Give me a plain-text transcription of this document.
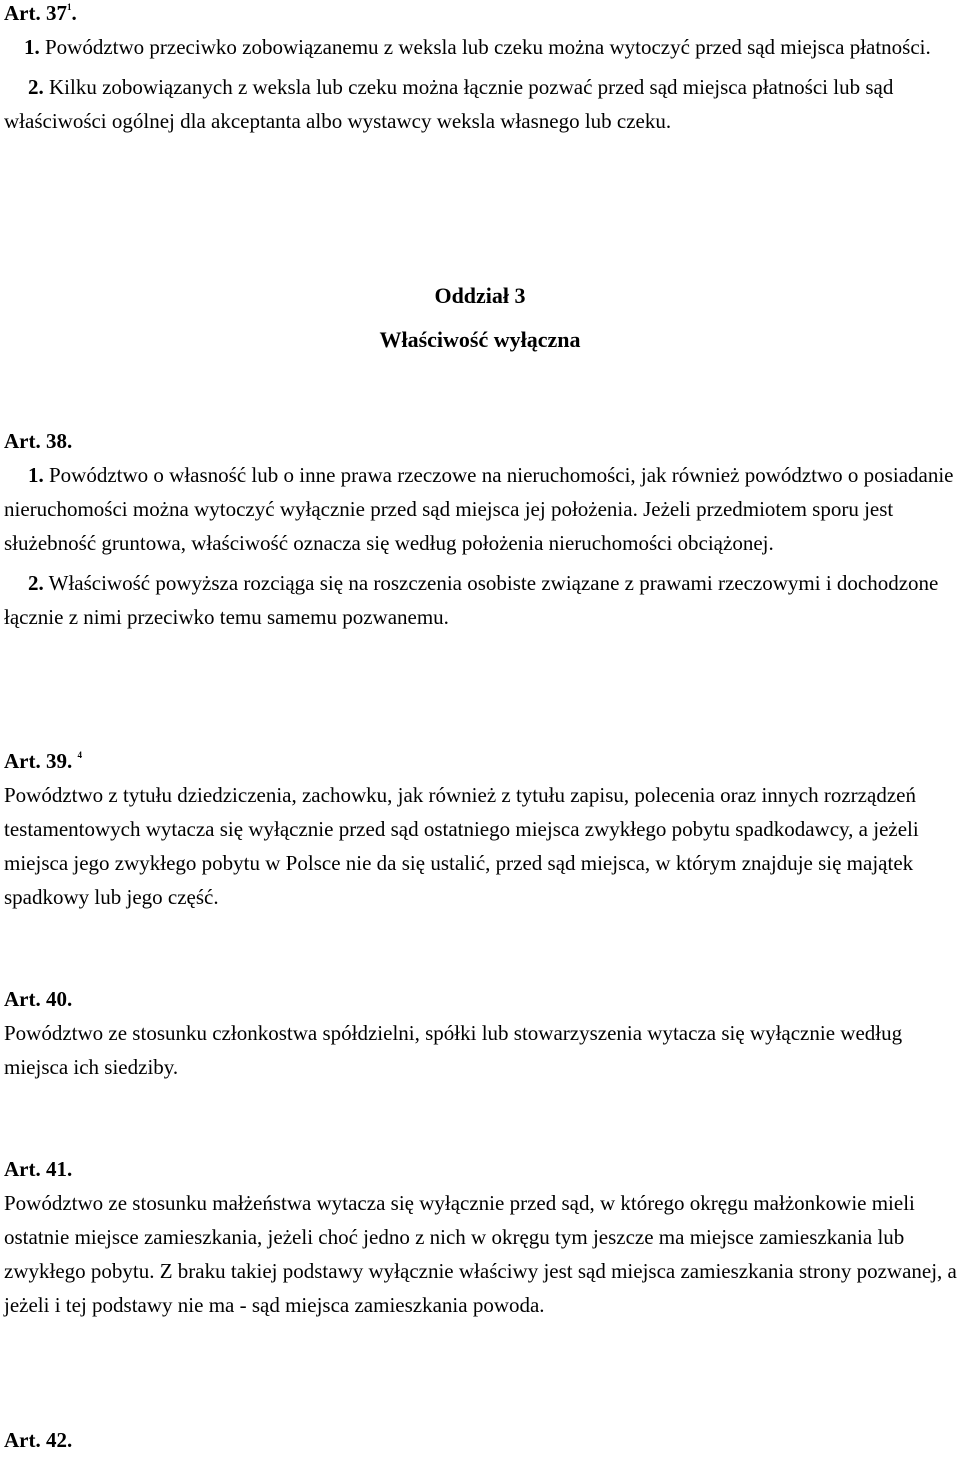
Art. $37^1$.

1. Powództwo przeciwko zobowiązanemu z weksla lub czeku można wytoczyć przed sąd miejsca płatności.

2. Kilku zobowiązanych z weksla lub czeku można łącznie pozwać przed sąd miejsca płatności lub sąd właściwości ogólnej dla akceptanta albo wystawcy weksla własnego lub czeku.

Oddział 3
Właściwość wyłączna
Art. 38.

1. Powództwo o własność lub o inne prawa rzeczowe na nieruchomości, jak również powództwo o posiadanie nieruchomości można wytoczyć wyłącznie przed sąd miejsca jej położenia. Jeżeli przedmiotem sporu jest służebność gruntowa, właściwość oznacza się według położenia nieruchomości obciążonej.

2. Właściwość powyższa rozciąga się na roszczenia osobiste związane z prawami rzeczowymi i dochodzone łącznie z nimi przeciwko temu samemu pozwanemu.

Art. 39. $^4$

Powództwo z tytułu dziedziczenia, zachowku, jak również z tytułu zapisu, polecenia oraz innych rozrządzeń testamentowych wytacza się wyłącznie przed sąd ostatniego miejsca zwykłego pobytu spadkodawcy, a jeżeli miejsca jego zwykłego pobytu w Polsce nie da się ustalić, przed sąd miejsca, w którym znajduje się majątek spadkowy lub jego część.

Art. 40.

Powództwo ze stosunku członkostwa spółdzielni, spółki lub stowarzyszenia wytacza się wyłącznie według miejsca ich siedziby.

Art. 41.

Powództwo ze stosunku małżeństwa wytacza się wyłącznie przed sąd, w którego okręgu małżonkowie mieli ostatnie miejsce zamieszkania, jeżeli choć jedno z nich w okręgu tym jeszcze ma miejsce zamieszkania lub zwykłego pobytu. Z braku takiej podstawy wyłącznie właściwy jest sąd miejsca zamieszkania strony pozwanej, a jeżeli i tej podstawy nie ma - sąd miejsca zamieszkania powoda.

Art. 42.
